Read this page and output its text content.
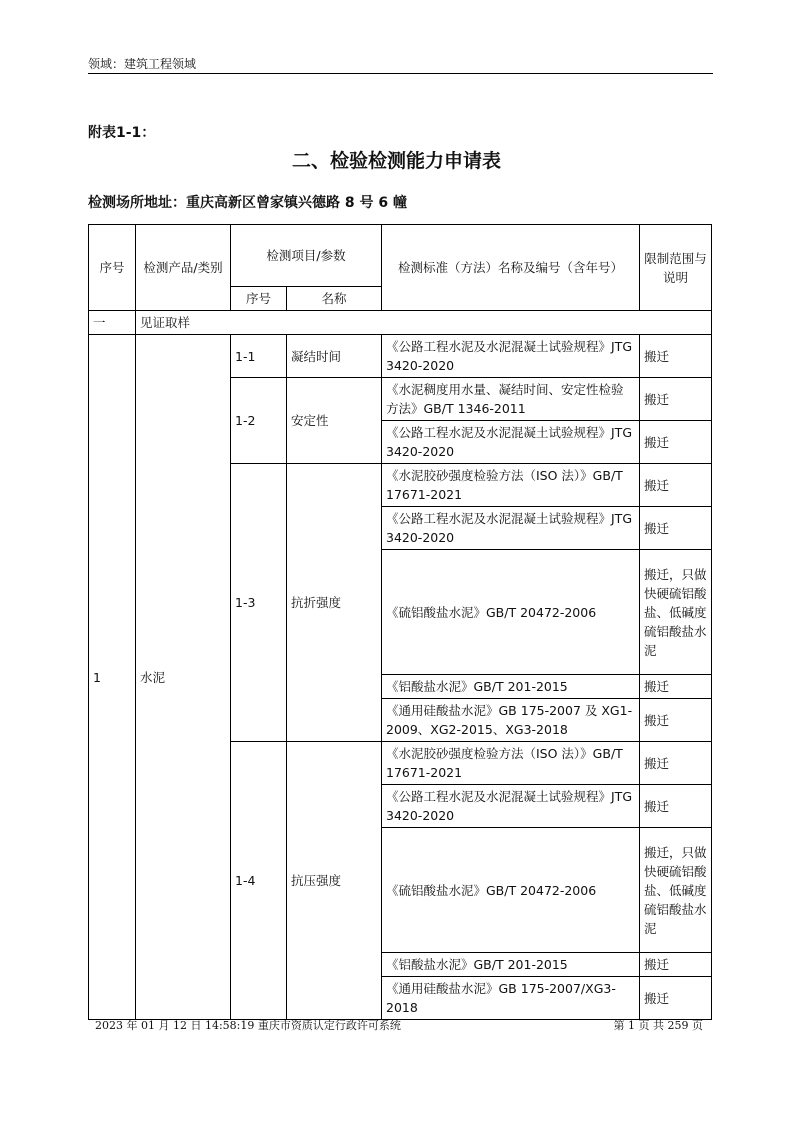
领域：建筑工程领域
附表1-1：
二、检验检测能力申请表
检测场所地址：重庆高新区曾家镇兴德路 8 号 6 幢
序号	检测产品/类别	检测项目/参数		检测标准（方法）名称及编号（含年号）	限制范围与说明
		序号	名称		
一	见证取样				
1	水泥	1-1	凝结时间	《公路工程水泥及水泥混凝土试验规程》JTG 3420-2020	搬迁
		1-2	安定性	《水泥稠度用水量、凝结时间、安定性检验方法》GB/T 1346-2011	搬迁
				《公路工程水泥及水泥混凝土试验规程》JTG 3420-2020	搬迁
		1-3	抗折强度	《水泥胶砂强度检验方法（ISO 法）》GB/T 17671-2021	搬迁
				《公路工程水泥及水泥混凝土试验规程》JTG 3420-2020	搬迁
				《硫铝酸盐水泥》GB/T 20472-2006	搬迁，只做快硬硫铝酸盐、低碱度硫铝酸盐水泥
				《铝酸盐水泥》GB/T 201-2015	搬迁
				《通用硅酸盐水泥》GB 175-2007 及 XG1-2009、XG2-2015、XG3-2018	搬迁
		1-4	抗压强度	《水泥胶砂强度检验方法（ISO 法）》GB/T 17671-2021	搬迁
				《公路工程水泥及水泥混凝土试验规程》JTG 3420-2020	搬迁
				《硫铝酸盐水泥》GB/T 20472-2006	搬迁，只做快硬硫铝酸盐、低碱度硫铝酸盐水泥
				《铝酸盐水泥》GB/T 201-2015	搬迁
				《通用硅酸盐水泥》GB 175-2007/XG3-2018	搬迁
2023 年 01 月 12 日 14:58:19 重庆市资质认定行政许可系统	第 1 页 共 259 页
